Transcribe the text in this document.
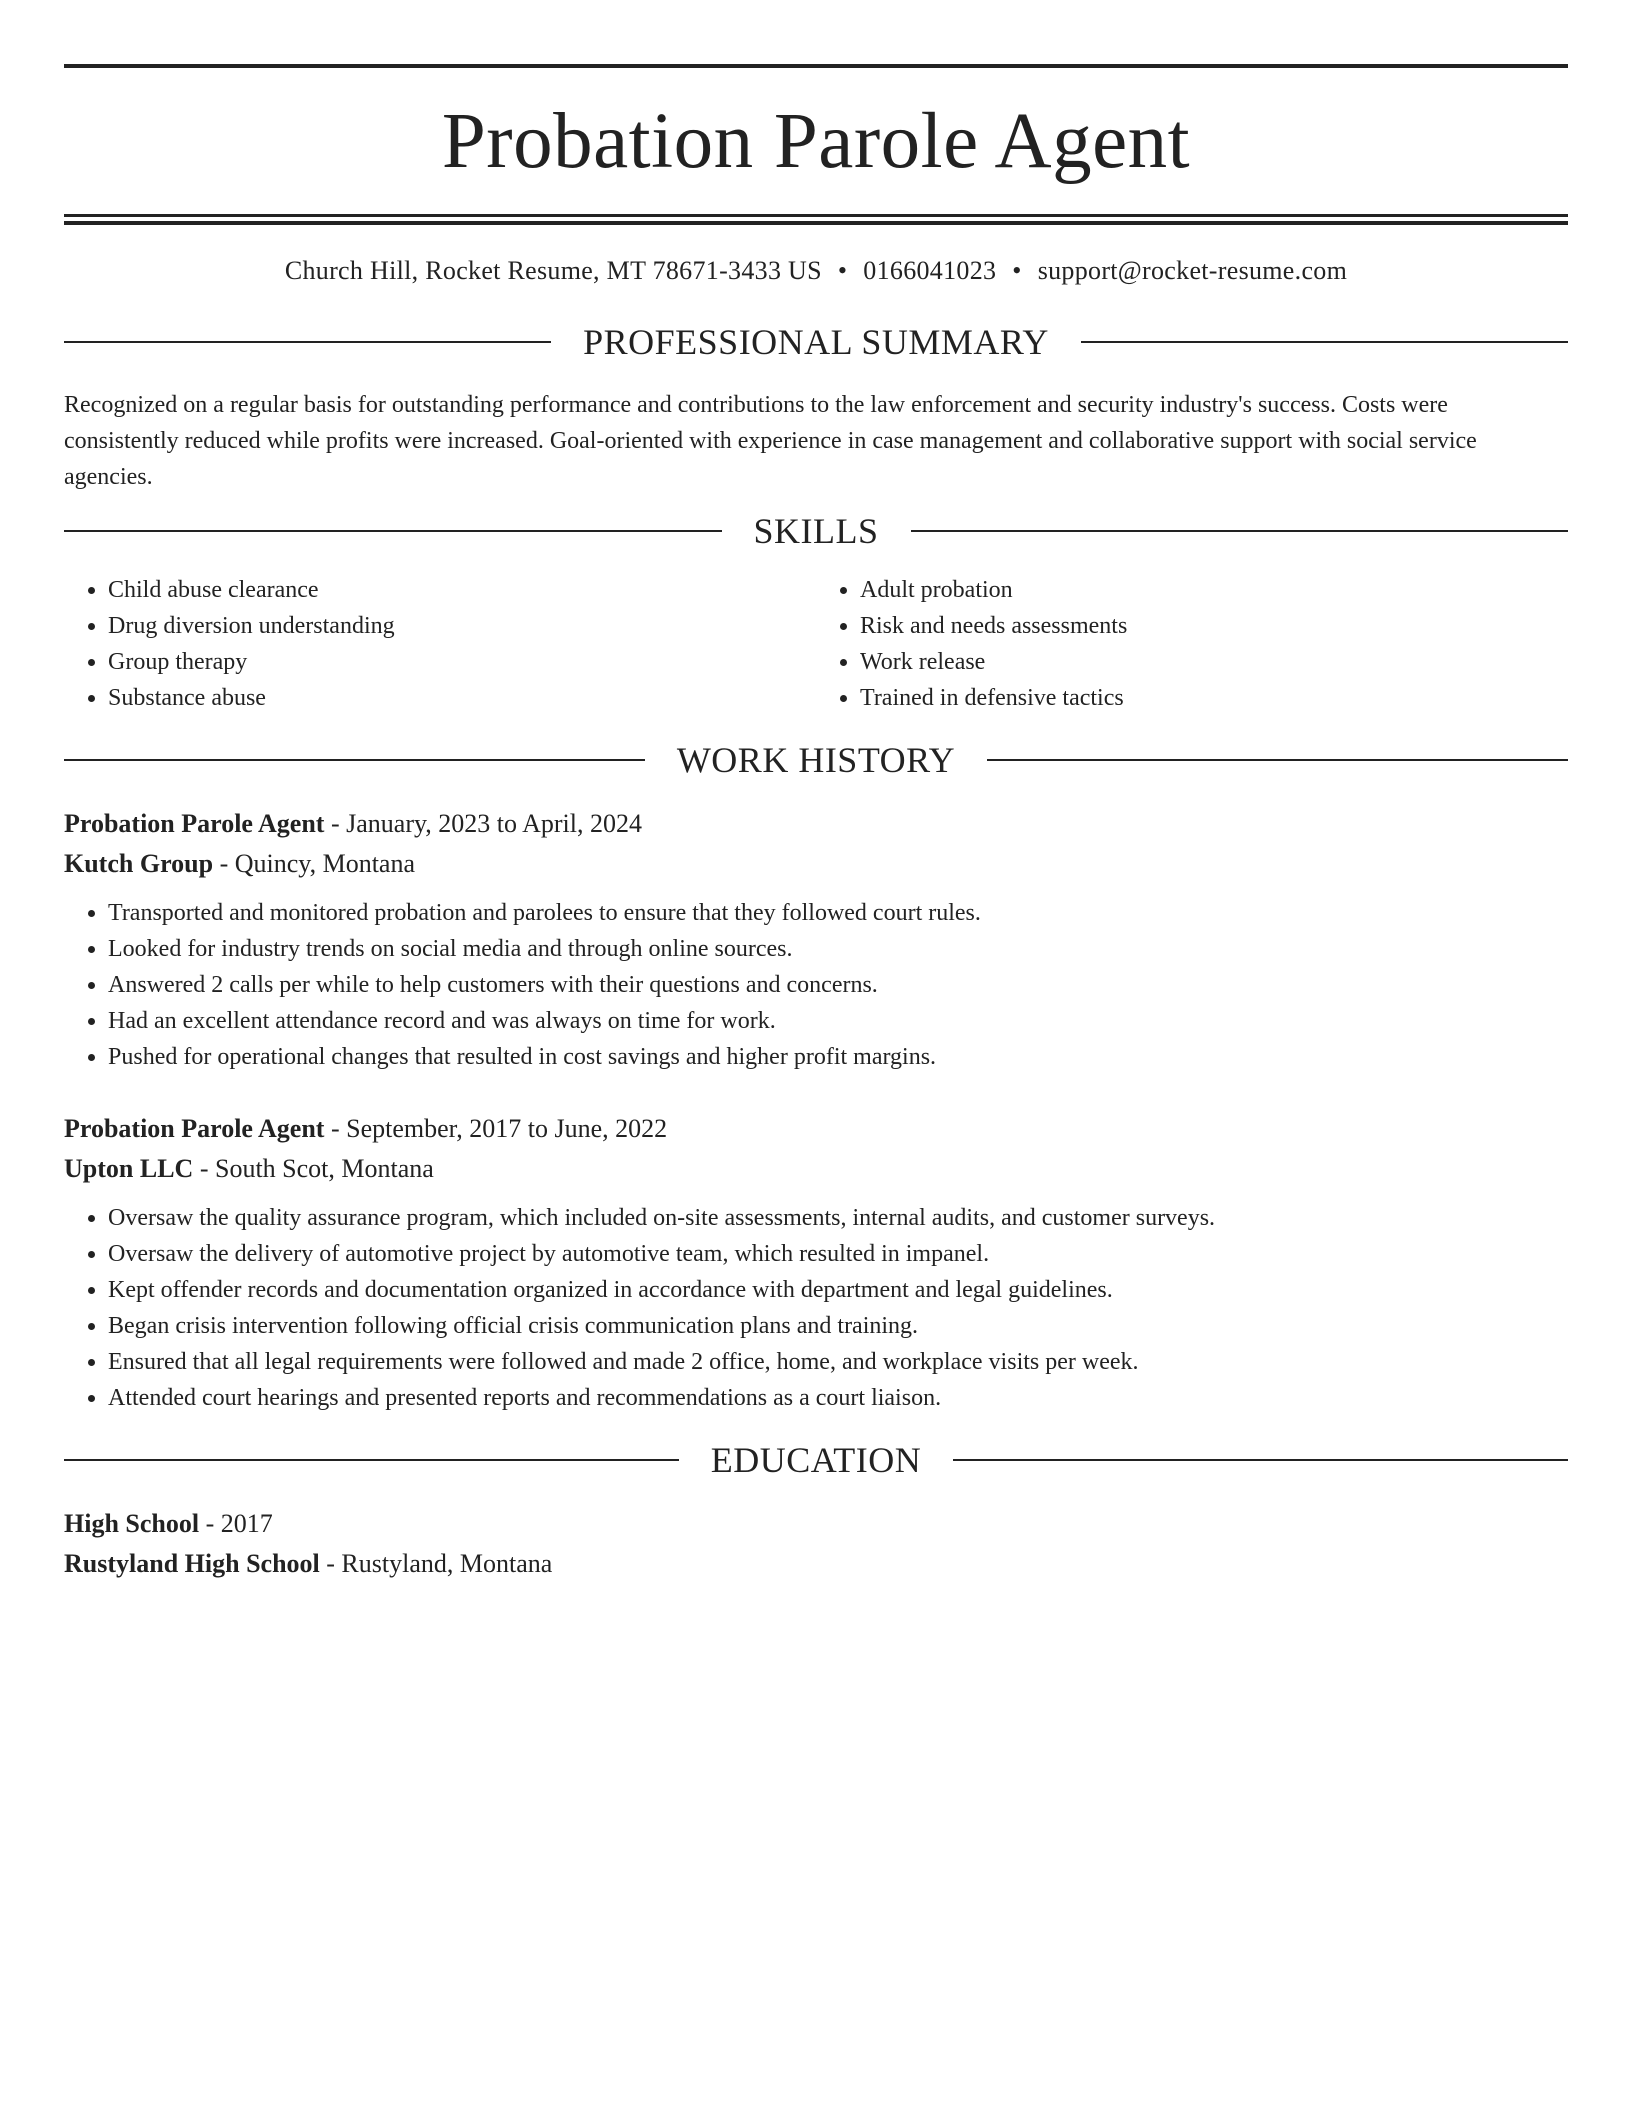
Probation Parole Agent
Church Hill, Rocket Resume, MT 78671-3433 US • 0166041023 • support@rocket-resume.com
PROFESSIONAL SUMMARY

Recognized on a regular basis for outstanding performance and contributions to the law enforcement and security industry's success. Costs were consistently reduced while profits were increased. Goal-oriented with experience in case management and collaborative support with social service agencies.

SKILLS
• Child abuse clearance
• Drug diversion understanding
• Group therapy
• Substance abuse
• Adult probation
• Risk and needs assessments
• Work release
• Trained in defensive tactics
WORK HISTORY
Probation Parole Agent - January, 2023 to April, 2024
Kutch Group - Quincy, Montana
• Transported and monitored probation and parolees to ensure that they followed court rules.
• Looked for industry trends on social media and through online sources.
• Answered 2 calls per while to help customers with their questions and concerns.
• Had an excellent attendance record and was always on time for work.
• Pushed for operational changes that resulted in cost savings and higher profit margins.
Probation Parole Agent - September, 2017 to June, 2022
Upton LLC - South Scot, Montana
• Oversaw the quality assurance program, which included on-site assessments, internal audits, and customer surveys.
• Oversaw the delivery of automotive project by automotive team, which resulted in impanel.
• Kept offender records and documentation organized in accordance with department and legal guidelines.
• Began crisis intervention following official crisis communication plans and training.
• Ensured that all legal requirements were followed and made 2 office, home, and workplace visits per week.
• Attended court hearings and presented reports and recommendations as a court liaison.
EDUCATION
High School - 2017
Rustyland High School - Rustyland, Montana
